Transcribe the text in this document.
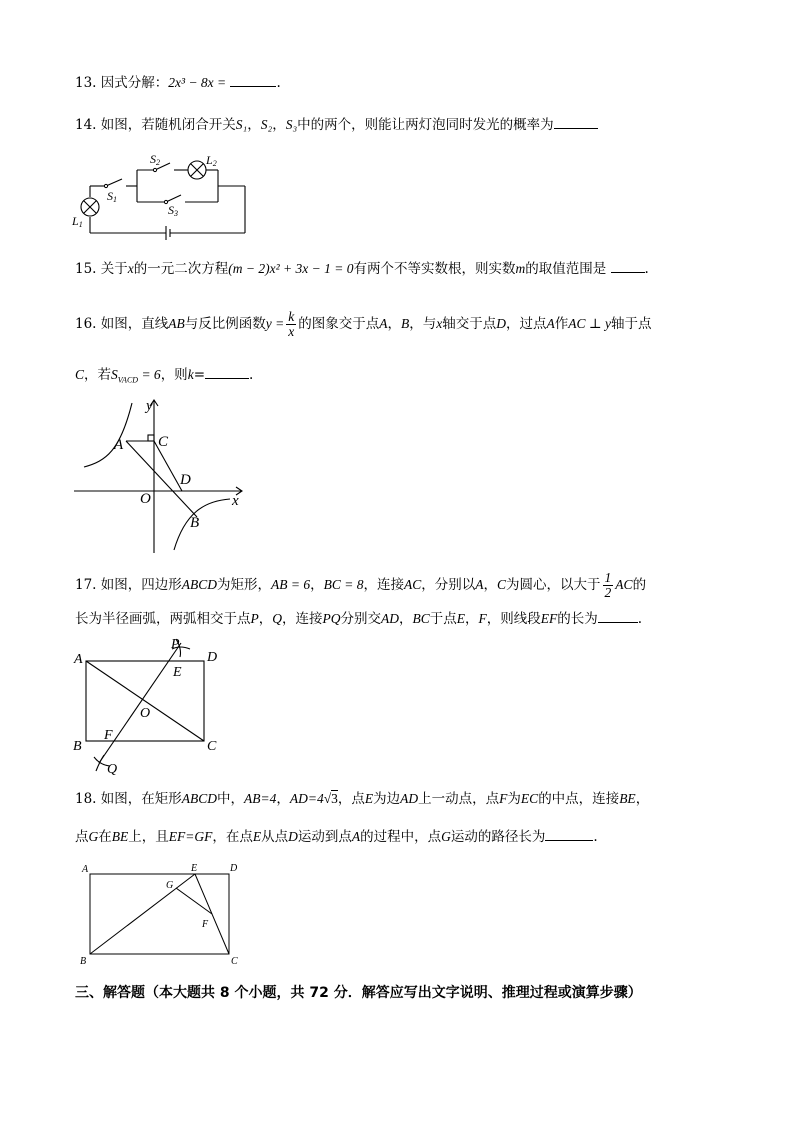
13. 因式分解：2x³ − 8x =	.
14. 如图，若随机闭合开关S₁，S₂，S₃中的两个，则能让两灯泡同时发光的概率为
S2	L2
S1
S3
L1
15. 关于x的一元二次方程(m − 2)x² + 3x − 1 = 0有两个不等实数根，则实数m的取值范围是	.
16. 如图，直线AB与反比例函数$y = \frac{k}{x}$ 的图象交于点A，B，与x轴交于点D，过点A作AC ⊥ y轴于点
C，若$S_{VACD} = 6$，则k=	.
y
x
A C
D
O
B
17. 如图，四边形ABCD为矩形，AB = 6，BC = 8，连接AC，分别以A，C为圆心，以大于 $\frac{1}{2}$ AC的
长为半径画弧，两弧相交于点P，Q，连接PQ分别交AD，BC于点E，F，则线段EF的长为	.
A
P
D
E
O
B
F
C
Q
18. 如图，在矩形ABCD中，AB=4，AD=4√3，点E为边AD上一动点，点F为EC的中点，连接BE，
点G在BE上，且EF=GF，在点E从点D运动到点A的过程中，点G运动的路径长为	.
A	E	D
G
F
B	C
三、解答题（本大题共 8 个小题，共 72 分．解答应写出文字说明、推理过程或演算步骤）
